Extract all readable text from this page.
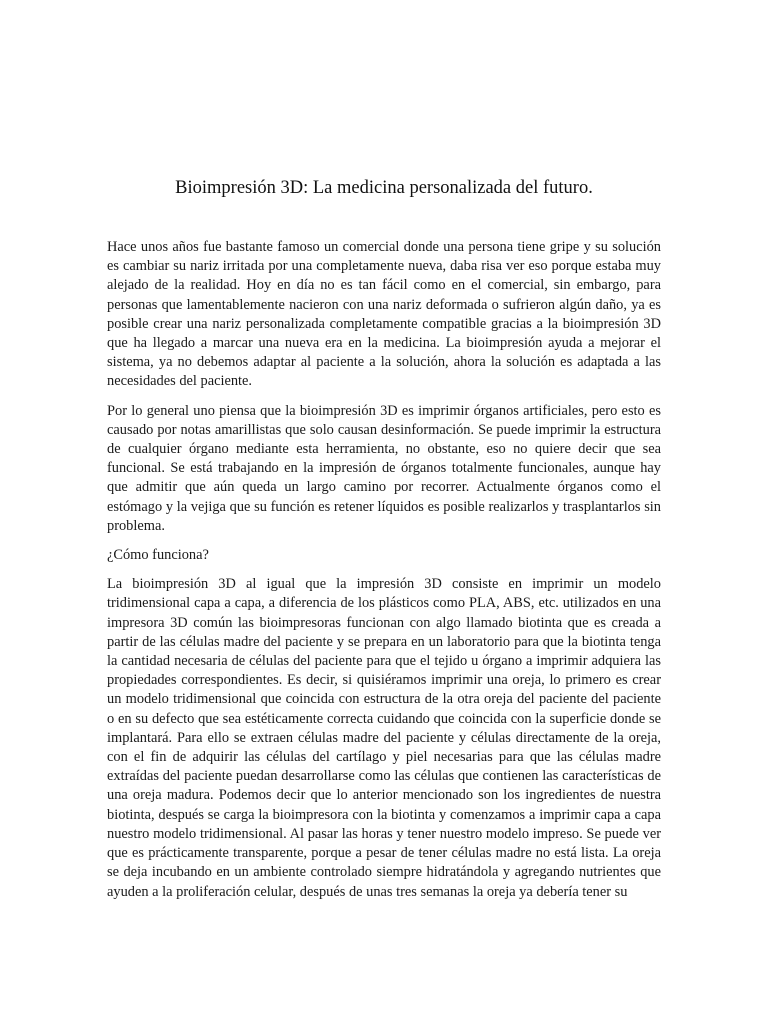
Bioimpresión 3D: La medicina personalizada del futuro.

Hace unos años fue bastante famoso un comercial donde una persona tiene gripe y su solución es cambiar su nariz irritada por una completamente nueva, daba risa ver eso porque estaba muy alejado de la realidad. Hoy en día no es tan fácil como en el comercial, sin embargo, para personas que lamentablemente nacieron con una nariz deformada o sufrieron algún daño, ya es posible crear una nariz personalizada completamente compatible gracias a la bioimpresión 3D que ha llegado a marcar una nueva era en la medicina. La bioimpresión ayuda a mejorar el sistema, ya no debemos adaptar al paciente a la solución, ahora la solución es adaptada a las necesidades del paciente.

Por lo general uno piensa que la bioimpresión 3D es imprimir órganos artificiales, pero esto es causado por notas amarillistas que solo causan desinformación. Se puede imprimir la estructura de cualquier órgano mediante esta herramienta, no obstante, eso no quiere decir que sea funcional. Se está trabajando en la impresión de órganos totalmente funcionales, aunque hay que admitir que aún queda un largo camino por recorrer. Actualmente órganos como el estómago y la vejiga que su función es retener líquidos es posible realizarlos y trasplantarlos sin problema.

¿Cómo funciona?

La bioimpresión 3D al igual que la impresión 3D consiste en imprimir un modelo tridimensional capa a capa, a diferencia de los plásticos como PLA, ABS, etc. utilizados en una impresora 3D común las bioimpresoras funcionan con algo llamado biotinta que es creada a partir de las células madre del paciente y se prepara en un laboratorio para que la biotinta tenga la cantidad necesaria de células del paciente para que el tejido u órgano a imprimir adquiera las propiedades correspondientes. Es decir, si quisiéramos imprimir una oreja, lo primero es crear un modelo tridimensional que coincida con estructura de la otra oreja del paciente del paciente o en su defecto que sea estéticamente correcta cuidando que coincida con la superficie donde se implantará. Para ello se extraen células madre del paciente y células directamente de la oreja, con el fin de adquirir las células del cartílago y piel necesarias para que las células madre extraídas del paciente puedan desarrollarse como las células que contienen las características de una oreja madura. Podemos decir que lo anterior mencionado son los ingredientes de nuestra biotinta, después se carga la bioimpresora con la biotinta y comenzamos a imprimir capa a capa nuestro modelo tridimensional. Al pasar las horas y tener nuestro modelo impreso. Se puede ver que es prácticamente transparente, porque a pesar de tener células madre no está lista. La oreja se deja incubando en un ambiente controlado siempre hidratándola y agregando nutrientes que ayuden a la proliferación celular, después de unas tres semanas la oreja ya debería tener su
